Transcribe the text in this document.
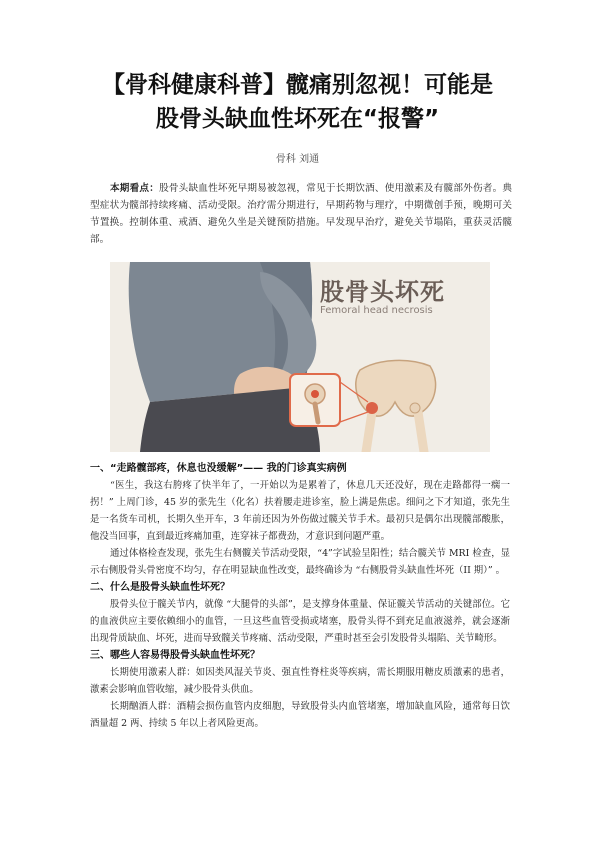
【骨科健康科普】髋痛别忽视！可能是
股骨头缺血性坏死在“报警”
骨科 刘通

本期看点：股骨头缺血性坏死早期易被忽视，常见于长期饮酒、使用激素及有髋部外伤者。典型症状为髋部持续疼痛、活动受限。治疗需分期进行，早期药物与理疗，中期微创手预，晚期可关节置换。控制体重、戒酒、避免久坐是关键预防措施。早发现早治疗，避免关节塌陷，重获灵活髋部。

股骨头坏死
Femoral head necrosis
一、“走路髋部疼，休息也没缓解”—— 我的门诊真实病例

“医生，我这右胯疼了快半年了，一开始以为是累着了，休息几天还没好，现在走路都得一瘸一拐！” 上周门诊，45 岁的张先生（化名）扶着腰走进诊室，脸上满是焦虑。细问之下才知道，张先生是一名货车司机，长期久坐开车，3 年前还因为外伤做过髋关节手术。最初只是偶尔出现髋部酸胀，他没当回事，直到最近疼痛加重，连穿袜子都费劲，才意识到问题严重。

通过体格检查发现，张先生右侧髋关节活动受限，“4”字试验呈阳性；结合髋关节 MRI 检查，显示右侧股骨头骨密度不均匀，存在明显缺血性改变，最终确诊为 “右侧股骨头缺血性坏死（II 期）” 。

二、什么是股骨头缺血性坏死？

股骨头位于髋关节内，就像 “大腿骨的头部”，是支撑身体重量、保证髋关节活动的关键部位。它的血液供应主要依赖细小的血管，一旦这些血管受损或堵塞，股骨头得不到充足血液滋养，就会逐渐出现骨质缺血、坏死，进而导致髋关节疼痛、活动受限，严重时甚至会引发股骨头塌陷、关节畸形。

三、哪些人容易得股骨头缺血性坏死？

长期使用激素人群：如因类风湿关节炎、强直性脊柱炎等疾病，需长期服用糖皮质激素的患者，激素会影响血管收缩，减少股骨头供血。

长期酗酒人群：酒精会损伤血管内皮细胞，导致股骨头内血管堵塞，增加缺血风险，通常每日饮酒量超 2 两、持续 5 年以上者风险更高。
